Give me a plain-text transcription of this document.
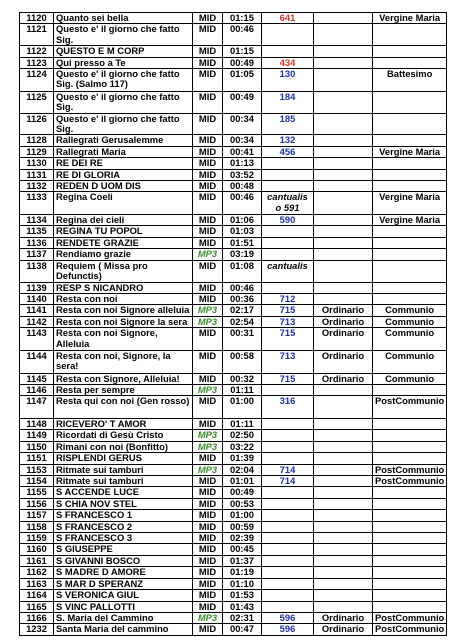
1120	Quanto sei bella	MID	01:15	641		Vergine Maria
1121	Questo e' il giorno che fatto Sig.	MID	00:46			
1122	QUESTO E M CORP	MID	01:15			
1123	Qui presso a Te	MID	00:49	434		
1124	Questo e' il giorno che fatto Sig. (Salmo 117)	MID	01:05	130		Battesimo
1125	Questo e' il giorno che fatto Sig.	MID	00:49	184		
1126	Questo e' il giorno che fatto Sig.	MID	00:34	185		
1128	Rallegrati Gerusalemme	MID	00:34	132		
1129	Rallegrati Maria	MID	00:41	456		Vergine Maria
1130	RE DEI RE	MID	01:13			
1131	RE DI GLORIA	MID	03:52			
1132	REDEN D UOM DIS	MID	00:48			
1133	Regina Coeli	MID	00:46	cantualis o 591		Vergine Maria
1134	Regina dei cieli	MID	01:06	590		Vergine Maria
1135	REGINA TU POPOL	MID	01:03			
1136	RENDETE GRAZIE	MID	01:51			
1137	Rendiamo grazie	MP3	03:19			
1138	Requiem ( Missa pro Defunctis)	MID	01:08	cantualis		
1139	RESP S NICANDRO	MID	00:46			
1140	Resta con noi	MID	00:36	712		
1141	Resta con noi Signore alleluia	MP3	02:17	715	Ordinario	Communio
1142	Resta con noi Signore la sera	MP3	02:54	713	Ordinario	Communio
1143	Resta con noi Signore, Alleluia	MID	00:31	715	Ordinario	Communio
1144	Resta con noi, Signore, la sera!	MID	00:58	713	Ordinario	Communio
1145	Resta con Signore, Alleluia!	MID	00:32	715	Ordinario	Communio
1146	Resta per sempre	MP3	01:11			
1147	Resta qui con noi (Gen rosso)	MID	01:00	316		PostCommunio
1148	RICEVERO' T AMOR	MID	01:11			
1149	Ricordati di Gesù Cristo	MP3	02:50			
1150	Rimani con noi (Bonfitto)	MP3	03:22			
1151	RISPLENDI GERUS	MID	01:39			
1153	Ritmate sui tamburi	MP3	02:04	714		PostCommunio
1154	Ritmate sui tamburi	MID	01:01	714		PostCommunio
1155	S ACCENDE LUCE	MID	00:49			
1156	S CHIA NOV STEL	MID	00:53			
1157	S FRANCESCO 1	MID	01:00			
1158	S FRANCESCO 2	MID	00:59			
1159	S FRANCESCO 3	MID	02:39			
1160	S GIUSEPPE	MID	00:45			
1161	S GIVANNI BOSCO	MID	01:37			
1162	S MADRE D AMORE	MID	01:19			
1163	S MAR D SPERANZ	MID	01:10			
1164	S VERONICA GIUL	MID	01:53			
1165	S VINC PALLOTTI	MID	01:43			
1166	S. Maria del Cammino	MP3	02:31	596	Ordinario	PostCommunio
1232	Santa Maria del cammino	MID	00:47	596	Ordinario	PostCommunio
